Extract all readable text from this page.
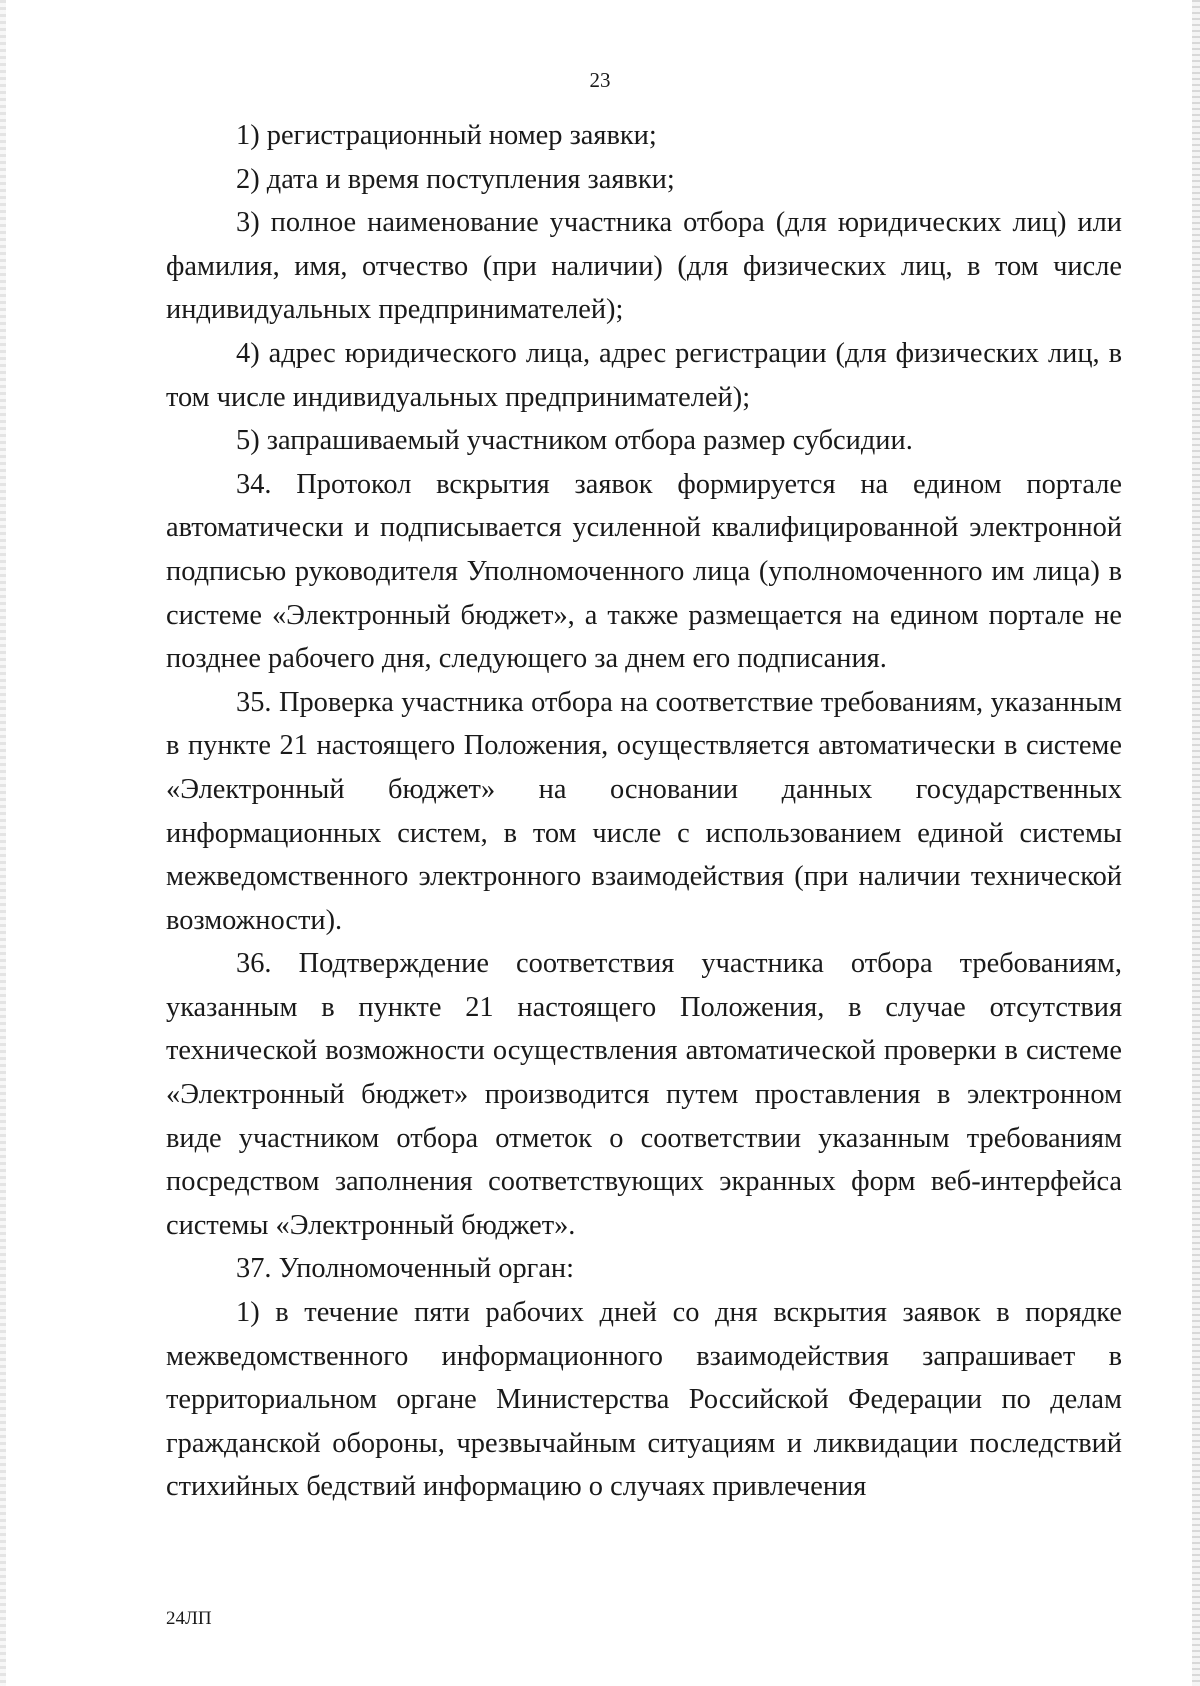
23

1) регистрационный номер заявки;

2) дата и время поступления заявки;

3) полное наименование участника отбора (для юридических лиц) или фамилия, имя, отчество (при наличии) (для физических лиц, в том числе индивидуальных предпринимателей);

4) адрес юридического лица, адрес регистрации (для физических лиц, в том числе индивидуальных предпринимателей);

5) запрашиваемый участником отбора размер субсидии.

34. Протокол вскрытия заявок формируется на едином портале автоматически и подписывается усиленной квалифицированной электронной подписью руководителя Уполномоченного лица (уполномоченного им лица) в системе «Электронный бюджет», а также размещается на едином портале не позднее рабочего дня, следующего за днем его подписания.

35. Проверка участника отбора на соответствие требованиям, указанным в пункте 21 настоящего Положения, осуществляется автоматически в системе «Электронный бюджет» на основании данных государственных информационных систем, в том числе с использованием единой системы межведомственного электронного взаимодействия (при наличии технической возможности).

36. Подтверждение соответствия участника отбора требованиям, указанным в пункте 21 настоящего Положения, в случае отсутствия технической возможности осуществления автоматической проверки в системе «Электронный бюджет» производится путем проставления в электронном виде участником отбора отметок о соответствии указанным требованиям посредством заполнения соответствующих экранных форм веб-интерфейса системы «Электронный бюджет».

37. Уполномоченный орган:

1) в течение пяти рабочих дней со дня вскрытия заявок в порядке межведомственного информационного взаимодействия запрашивает в территориальном органе Министерства Российской Федерации по делам гражданской обороны, чрезвычайным ситуациям и ликвидации последствий стихийных бедствий информацию о случаях привлечения

24ЛП
